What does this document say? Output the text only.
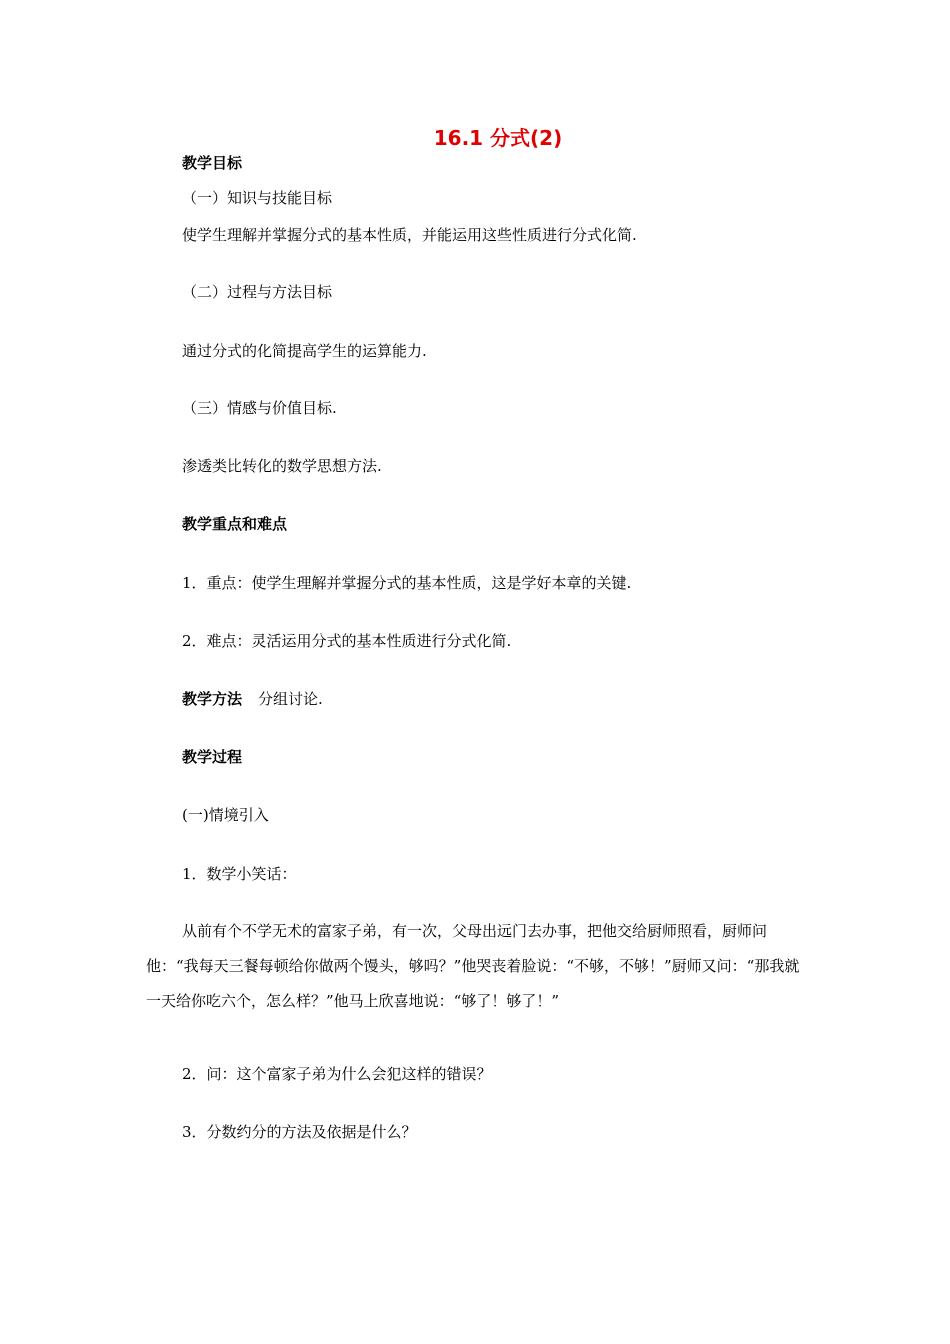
16.1 分式(2)
教学目标
（一）知识与技能目标
使学生理解并掌握分式的基本性质，并能运用这些性质进行分式化简.
（二）过程与方法目标
通过分式的化简提高学生的运算能力.
（三）情感与价值目标.
渗透类比转化的数学思想方法.
教学重点和难点
1．重点：使学生理解并掌握分式的基本性质，这是学好本章的关键.
2．难点：灵活运用分式的基本性质进行分式化简.
教学方法 分组讨论.
教学过程
(一)情境引入
1．数学小笑话：
从前有个不学无术的富家子弟，有一次，父母出远门去办事，把他交给厨师照看，厨师问他：“我每天三餐每顿给你做两个馒头，够吗？”他哭丧着脸说：“不够，不够！”厨师又问：“那我就一天给你吃六个，怎么样？”他马上欣喜地说：“够了！够了！”
2．问：这个富家子弟为什么会犯这样的错误？
3．分数约分的方法及依据是什么？
